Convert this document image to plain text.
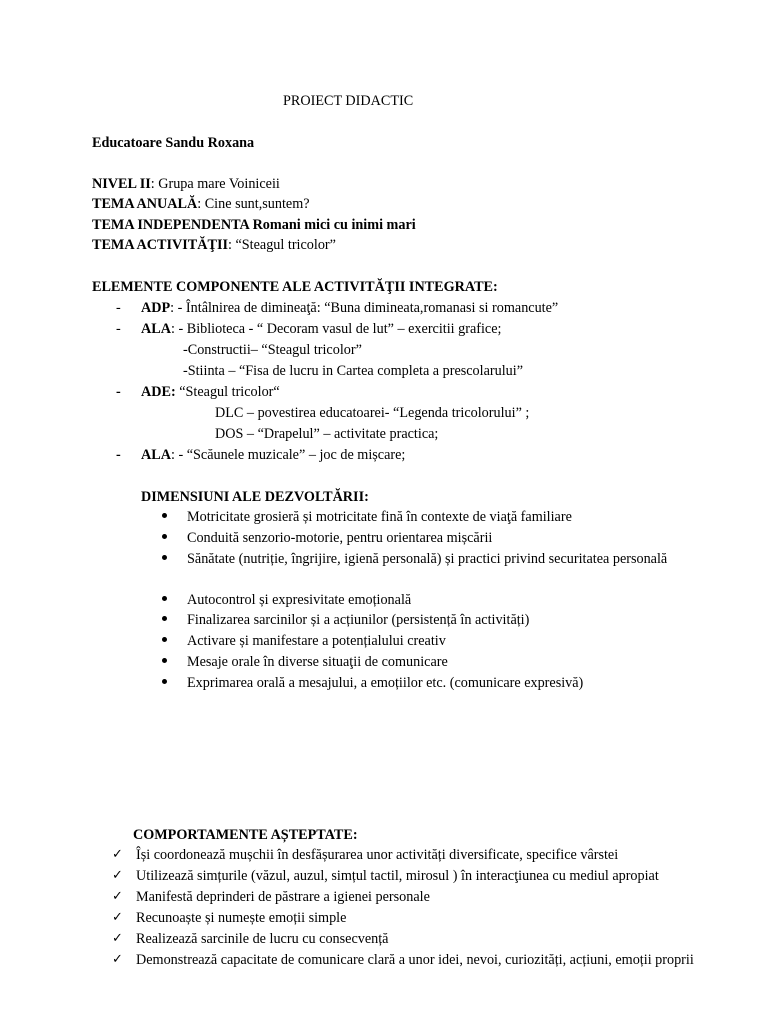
PROIECT DIDACTIC
Educatoare Sandu Roxana
NIVEL II: Grupa mare Voiniceii
TEMA ANUALĂ: Cine sunt,suntem?
TEMA INDEPENDENTA Romani mici cu inimi mari
TEMA ACTIVITĂŢII: “Steagul tricolor”
ELEMENTE COMPONENTE ALE ACTIVITĂŢII INTEGRATE:
- ADP: - Întâlnirea de dimineaţă: “Buna dimineata,romanasi si romancute”
- ALA: - Biblioteca - “ Decoram vasul de lut” – exercitii grafice;
-Constructii– “Steagul tricolor”
-Stiinta – “Fisa de lucru in Cartea completa a prescolarului”
- ADE: “Steagul tricolor“
DLC – povestirea educatoarei- “Legenda tricolorului” ;
DOS – “Drapelul” – activitate practica;
- ALA: - “Scăunele muzicale” – joc de mișcare;
DIMENSIUNI ALE DEZVOLTĂRII:
Motricitate grosieră și motricitate fină în contexte de viaţă familiare
Conduită senzorio-motorie, pentru orientarea mișcării
Sănătate (nutriție, îngrijire, igienă personală) și practici privind securitatea personală
Autocontrol și expresivitate emoțională
Finalizarea sarcinilor și a acțiunilor (persistență în activități)
Activare și manifestare a potențialului creativ
Mesaje orale în diverse situaţii de comunicare
Exprimarea orală a mesajului, a emoțiilor etc. (comunicare expresivă)
COMPORTAMENTE AȘTEPTATE:
✓ Își coordonează mușchii în desfășurarea unor activități diversificate, specifice vârstei
✓ Utilizează simțurile (văzul, auzul, simțul tactil, mirosul ) în interacţiunea cu mediul apropiat
✓ Manifestă deprinderi de păstrare a igienei personale
✓ Recunoaște și numește emoții simple
✓ Realizează sarcinile de lucru cu consecvență
✓ Demonstrează capacitate de comunicare clară a unor idei, nevoi, curiozități, acțiuni, emoții proprii
